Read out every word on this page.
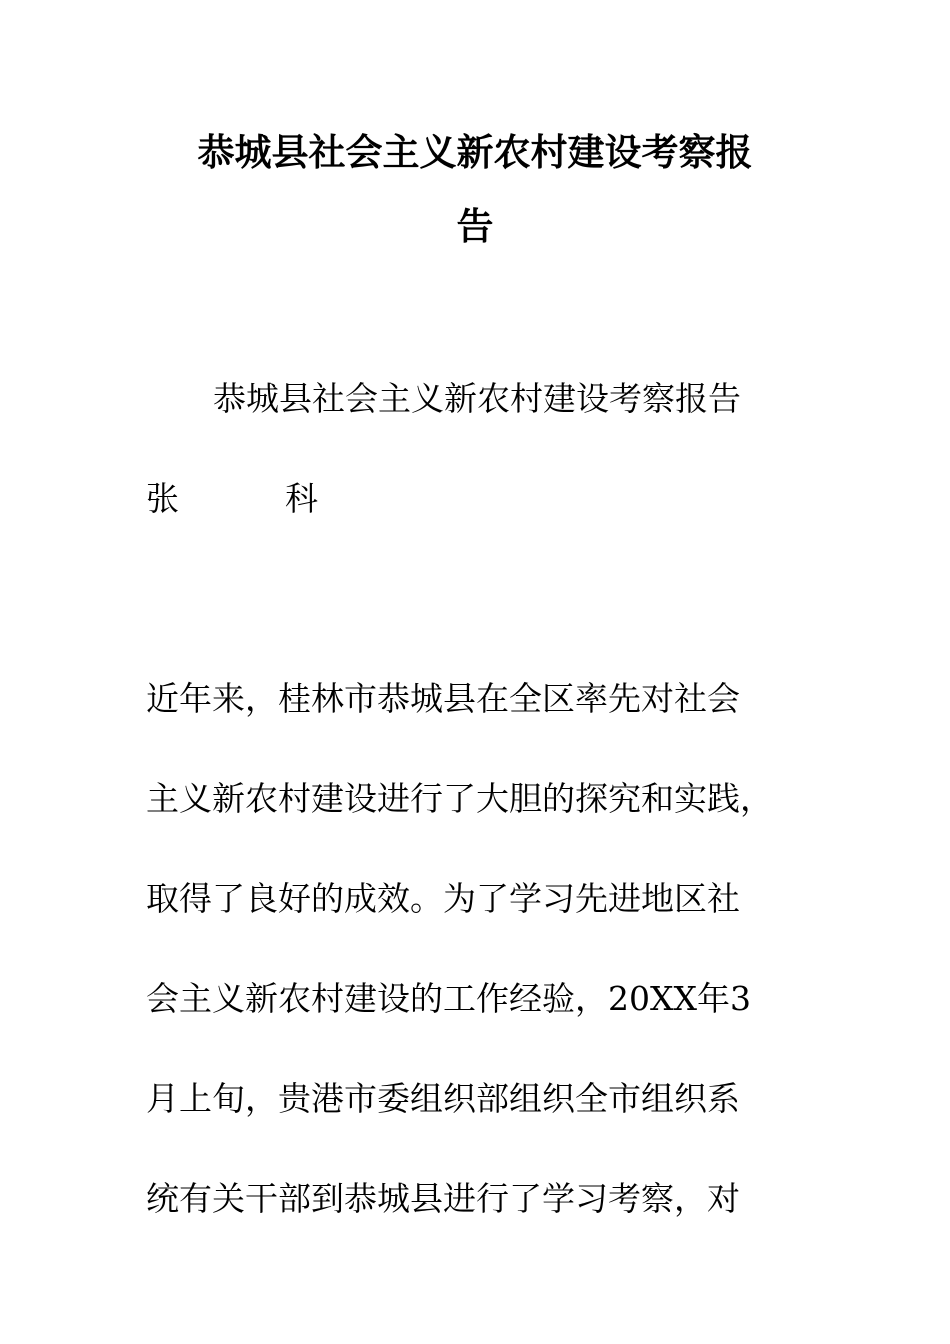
恭城县社会主义新农村建设考察报
告
恭城县社会主义新农村建设考察报告
张	科
近年来，桂林市恭城县在全区率先对社会
主义新农村建设进行了大胆的探究和实践，
取得了良好的成效。为了学习先进地区社
会主义新农村建设的工作经验，20XX年3
月上旬，贵港市委组织部组织全市组织系
统有关干部到恭城县进行了学习考察，对
